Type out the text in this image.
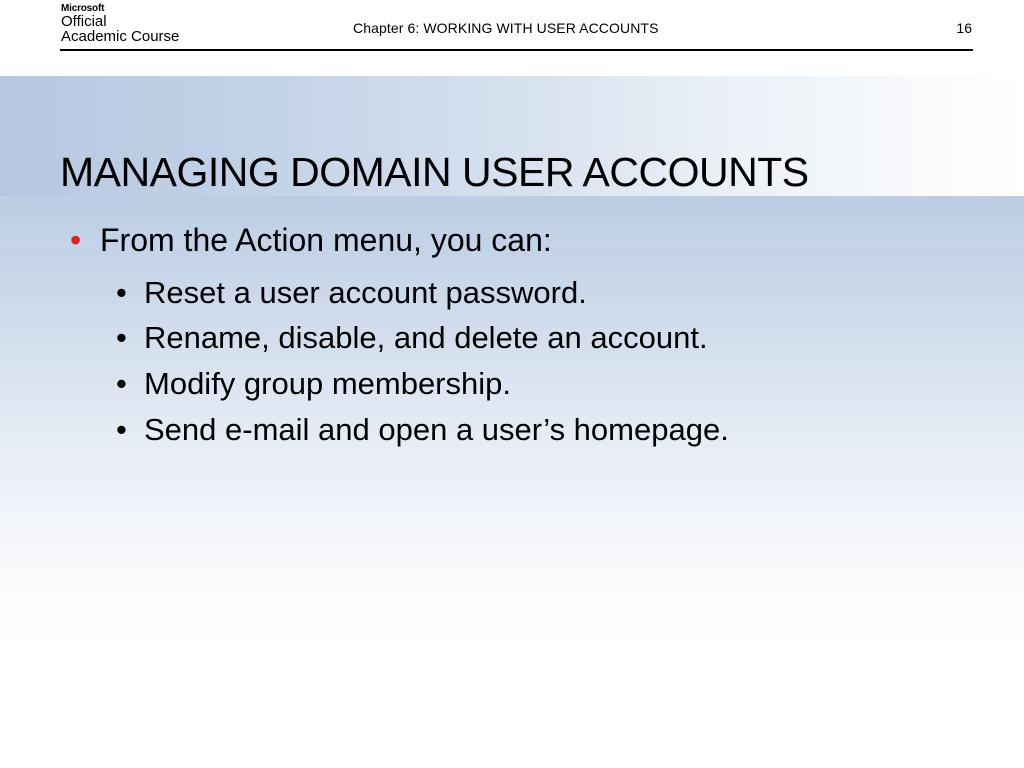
Microsoft
Official
Academic Course	Chapter 6: WORKING WITH USER ACCOUNTS	16
MANAGING DOMAIN USER ACCOUNTS
• From the Action menu, you can:
• Reset a user account password.
• Rename, disable, and delete an account.
• Modify group membership.
• Send e-mail and open a user’s homepage.
